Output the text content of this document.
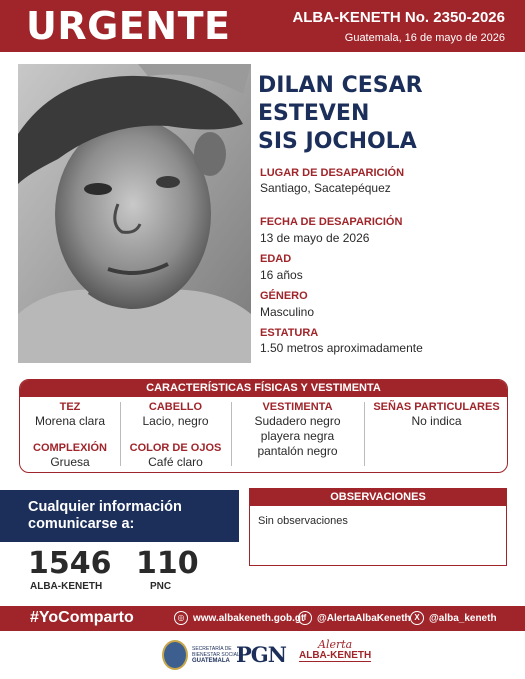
URGENTE	ALBA-KENETH No. 2350-2026
Guatemala, 16 de mayo de 2026
DILAN CESAR
ESTEVEN
SIS JOCHOLA
LUGAR DE DESAPARICIÓN
Santiago, Sacatepéquez
FECHA DE DESAPARICIÓN
13 de mayo de 2026
EDAD
16 años
GÉNERO
Masculino
ESTATURA
1.50 metros aproximadamente
CARACTERÍSTICAS FÍSICAS Y VESTIMENTA
TEZ
Morena clara
COMPLEXIÓN
Gruesa
CABELLO
Lacio, negro
COLOR DE OJOS
Café claro
VESTIMENTA
Sudadero negro
playera negra
pantalón negro
SEÑAS PARTICULARES
No indica
Cualquier información
comunicarse a:
1546
ALBA-KENETH
110
PNC
OBSERVACIONES
Sin observaciones
#YoComparto	◎ www.albakeneth.gob.gt f	@AlertaAlbaKeneth X @alba_keneth
SECRETARÍA DE BIENESTAR SOCIAL
GUATEMALA PGN	Alerta
ALBA-KENETH
